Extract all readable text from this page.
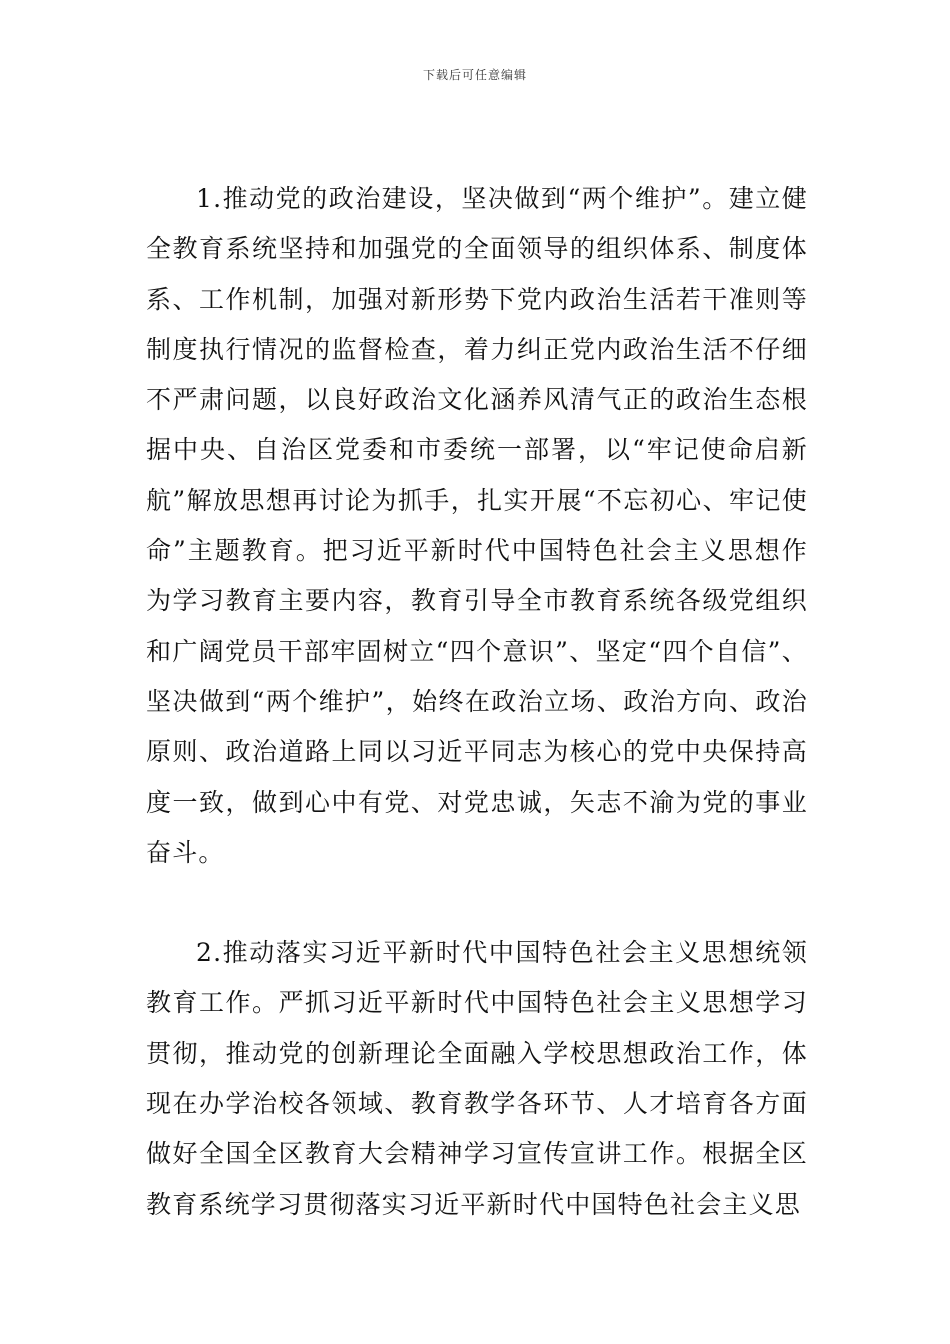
下载后可任意编辑

1.推动党的政治建设，坚决做到“两个维护”。建立健全教育系统坚持和加强党的全面领导的组织体系、制度体系、工作机制，加强对新形势下党内政治生活若干准则等制度执行情况的监督检查，着力纠正党内政治生活不仔细不严肃问题，以良好政治文化涵养风清气正的政治生态根据中央、自治区党委和市委统一部署，以“牢记使命启新航”解放思想再讨论为抓手，扎实开展“不忘初心、牢记使命”主题教育。把习近平新时代中国特色社会主义思想作为学习教育主要内容，教育引导全市教育系统各级党组织和广阔党员干部牢固树立“四个意识”、坚定“四个自信”、坚决做到“两个维护”，始终在政治立场、政治方向、政治原则、政治道路上同以习近平同志为核心的党中央保持高度一致，做到心中有党、对党忠诚，矢志不渝为党的事业奋斗。

2.推动落实习近平新时代中国特色社会主义思想统领教育工作。严抓习近平新时代中国特色社会主义思想学习贯彻，推动党的创新理论全面融入学校思想政治工作，体现在办学治校各领域、教育教学各环节、人才培育各方面做好全国全区教育大会精神学习宣传宣讲工作。根据全区教育系统学习贯彻落实习近平新时代中国特色社会主义思
